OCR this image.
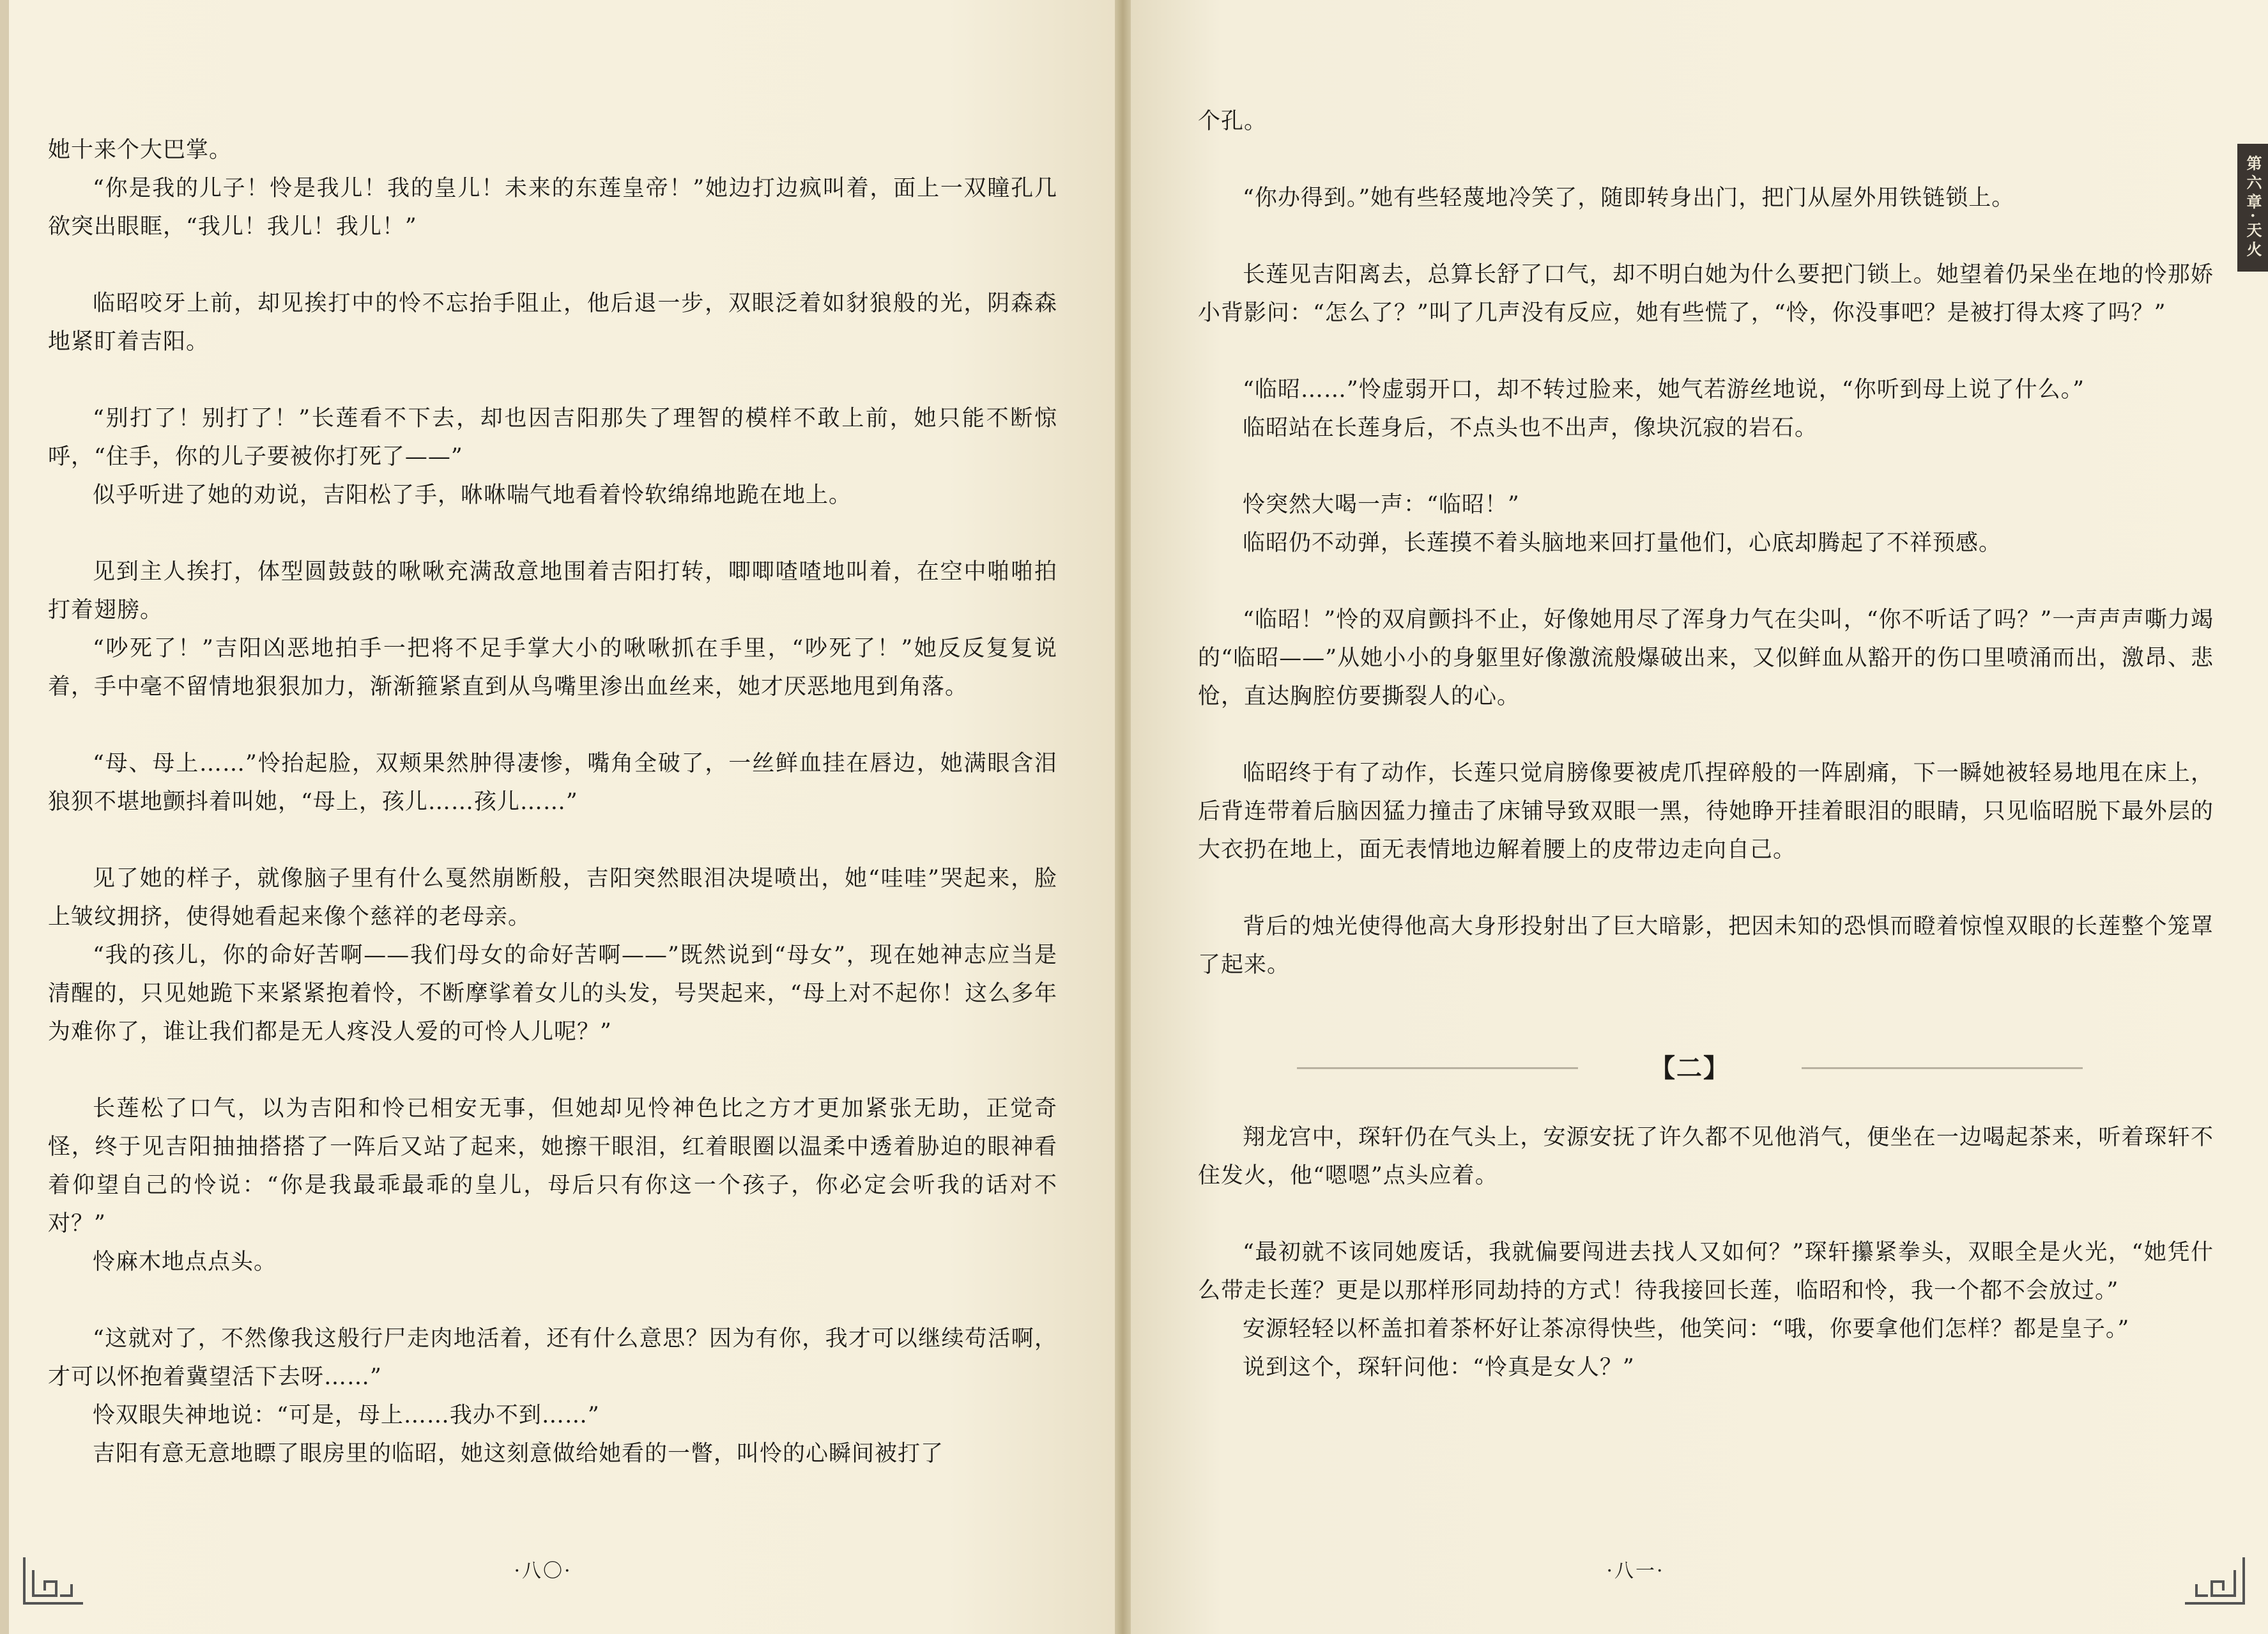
她十来个大巴掌。

“你是我的儿子！怜是我儿！我的皇儿！未来的东莲皇帝！”她边打边疯叫着，面上一双瞳孔几欲突出眼眶，“我儿！我儿！我儿！”

临昭咬牙上前，却见挨打中的怜不忘抬手阻止，他后退一步，双眼泛着如豺狼般的光，阴森森地紧盯着吉阳。

“别打了！别打了！”长莲看不下去，却也因吉阳那失了理智的模样不敢上前，她只能不断惊呼，“住手，你的儿子要被你打死了——”

似乎听进了她的劝说，吉阳松了手，咻咻喘气地看着怜软绵绵地跪在地上。

见到主人挨打，体型圆鼓鼓的啾啾充满敌意地围着吉阳打转，唧唧喳喳地叫着，在空中啪啪拍打着翅膀。

“吵死了！”吉阳凶恶地拍手一把将不足手掌大小的啾啾抓在手里，“吵死了！”她反反复复说着，手中毫不留情地狠狠加力，渐渐箍紧直到从鸟嘴里渗出血丝来，她才厌恶地甩到角落。

“母、母上……”怜抬起脸，双颊果然肿得凄惨，嘴角全破了，一丝鲜血挂在唇边，她满眼含泪狼狈不堪地颤抖着叫她，“母上，孩儿……孩儿……”

见了她的样子，就像脑子里有什么戛然崩断般，吉阳突然眼泪决堤喷出，她“哇哇”哭起来，脸上皱纹拥挤，使得她看起来像个慈祥的老母亲。

“我的孩儿，你的命好苦啊——我们母女的命好苦啊——”既然说到“母女”，现在她神志应当是清醒的，只见她跪下来紧紧抱着怜，不断摩挲着女儿的头发，号哭起来，“母上对不起你！这么多年为难你了，谁让我们都是无人疼没人爱的可怜人儿呢？”

长莲松了口气，以为吉阳和怜已相安无事，但她却见怜神色比之方才更加紧张无助，正觉奇怪，终于见吉阳抽抽搭搭了一阵后又站了起来，她擦干眼泪，红着眼圈以温柔中透着胁迫的眼神看着仰望自己的怜说：“你是我最乖最乖的皇儿，母后只有你这一个孩子，你必定会听我的话对不对？”

怜麻木地点点头。

“这就对了，不然像我这般行尸走肉地活着，还有什么意思？因为有你，我才可以继续苟活啊，才可以怀抱着冀望活下去呀……”

怜双眼失神地说：“可是，母上……我办不到……”

吉阳有意无意地瞟了眼房里的临昭，她这刻意做给她看的一瞥，叫怜的心瞬间被打了

·八〇·

个孔。

“你办得到。”她有些轻蔑地冷笑了，随即转身出门，把门从屋外用铁链锁上。

长莲见吉阳离去，总算长舒了口气，却不明白她为什么要把门锁上。她望着仍呆坐在地的怜那娇小背影问：“怎么了？”叫了几声没有反应，她有些慌了，“怜，你没事吧？是被打得太疼了吗？”

“临昭……”怜虚弱开口，却不转过脸来，她气若游丝地说，“你听到母上说了什么。”

临昭站在长莲身后，不点头也不出声，像块沉寂的岩石。

怜突然大喝一声：“临昭！”

临昭仍不动弹，长莲摸不着头脑地来回打量他们，心底却腾起了不祥预感。

“临昭！”怜的双肩颤抖不止，好像她用尽了浑身力气在尖叫，“你不听话了吗？”一声声声嘶力竭的“临昭——”从她小小的身躯里好像激流般爆破出来，又似鲜血从豁开的伤口里喷涌而出，激昂、悲怆，直达胸腔仿要撕裂人的心。

临昭终于有了动作，长莲只觉肩膀像要被虎爪捏碎般的一阵剧痛，下一瞬她被轻易地甩在床上，后背连带着后脑因猛力撞击了床铺导致双眼一黑，待她睁开挂着眼泪的眼睛，只见临昭脱下最外层的大衣扔在地上，面无表情地边解着腰上的皮带边走向自己。

背后的烛光使得他高大身形投射出了巨大暗影，把因未知的恐惧而瞪着惊惶双眼的长莲整个笼罩了起来。

【二】

翔龙宫中，琛轩仍在气头上，安源安抚了许久都不见他消气，便坐在一边喝起茶来，听着琛轩不住发火，他“嗯嗯”点头应着。

“最初就不该同她废话，我就偏要闯进去找人又如何？”琛轩攥紧拳头，双眼全是火光，“她凭什么带走长莲？更是以那样形同劫持的方式！待我接回长莲，临昭和怜，我一个都不会放过。”

安源轻轻以杯盖扣着茶杯好让茶凉得快些，他笑问：“哦，你要拿他们怎样？都是皇子。”

说到这个，琛轩问他：“怜真是女人？”

第六章·天火
·八一·
